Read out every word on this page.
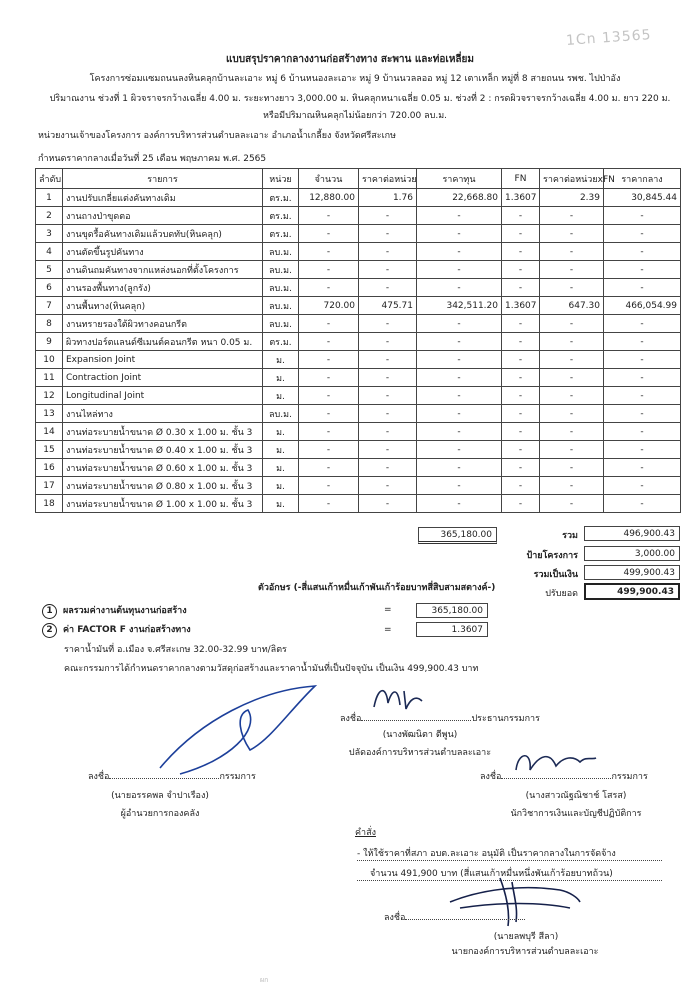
1Cn 13565
แบบสรุปราคากลางงานก่อสร้างทาง สะพาน และท่อเหลี่ยม
โครงการซ่อมแซมถนนลงหินคลุกบ้านละเอาะ หมู่ 6 บ้านหนองละเอาะ หมู่ 9 บ้านนวลลออ หมู่ 12 เตาเหล็ก หมู่ที่ 8 สายถนน รพช. ไปป่าอัง
ปริมาณงาน ช่วงที่ 1 ผิวจราจรกว้างเฉลี่ย 4.00 ม. ระยะทางยาว 3,000.00 ม. หินคลุกหนาเฉลี่ย 0.05 ม. ช่วงที่ 2 : กรดผิวจราจรกว้างเฉลี่ย 4.00 ม. ยาว 220 ม.
หรือมีปริมาณหินคลุกไม่น้อยกว่า 720.00 ลบ.ม.
หน่วยงานเจ้าของโครงการ องค์การบริหารส่วนตำบลละเอาะ อำเภอน้ำเกลี้ยง จังหวัดศรีสะเกษ
กำหนดราคากลางเมื่อวันที่ 25 เดือน พฤษภาคม พ.ศ. 2565
ลำดับ	รายการ	หน่วย	จำนวน	ราคาต่อหน่วย	ราคาทุน	FN	ราคาต่อหน่วยxFN	ราคากลาง
1	งานปรับเกลี่ยแต่งคันทางเดิม	ตร.ม.	12,880.00	1.76	22,668.80	1.3607	2.39	30,845.44
2	งานถางป่าขุดตอ	ตร.ม.	-	-	-	-	-	-
3	งานขุดรื้อคันทางเดิมแล้วบดทับ(หินคลุก)	ตร.ม.	-	-	-	-	-	-
4	งานตัดขึ้นรูปคันทาง	ลบ.ม.	-	-	-	-	-	-
5	งานดินถมคันทางจากแหล่งนอกที่ตั้งโครงการ	ลบ.ม.	-	-	-	-	-	-
6	งานรองพื้นทาง(ลูกรัง)	ลบ.ม.	-	-	-	-	-	-
7	งานพื้นทาง(หินคลุก)	ลบ.ม.	720.00	475.71	342,511.20	1.3607	647.30	466,054.99
8	งานทรายรองใต้ผิวทางคอนกรีต	ลบ.ม.	-	-	-	-	-	-
9	ผิวทางปอร์ตแลนด์ซีเมนต์คอนกรีต หนา 0.05 ม.	ตร.ม.	-	-	-	-	-	-
10	Expansion Joint	ม.	-	-	-	-	-	-
11	Contraction Joint	ม.	-	-	-	-	-	-
12	Longitudinal Joint	ม.	-	-	-	-	-	-
13	งานไหล่ทาง	ลบ.ม.	-	-	-	-	-	-
14	งานท่อระบายน้ำขนาด Ø 0.30 x 1.00 ม. ชั้น 3	ม.	-	-	-	-	-	-
15	งานท่อระบายน้ำขนาด Ø 0.40 x 1.00 ม. ชั้น 3	ม.	-	-	-	-	-	-
16	งานท่อระบายน้ำขนาด Ø 0.60 x 1.00 ม. ชั้น 3	ม.	-	-	-	-	-	-
17	งานท่อระบายน้ำขนาด Ø 0.80 x 1.00 ม. ชั้น 3	ม.	-	-	-	-	-	-
18	งานท่อระบายน้ำขนาด Ø 1.00 x 1.00 ม. ชั้น 3	ม.	-	-	-	-	-	-
365,180.00	รวม	496,900.43
ป้ายโครงการ	3,000.00
รวมเป็นเงิน	499,900.43
ปรับยอด	499,900.43
ตัวอักษร (-สี่แสนเก้าหมื่นเก้าพันเก้าร้อยบาทสี่สิบสามสตางค์-)
1 ผลรวมค่างานต้นทุนงานก่อสร้าง	=	365,180.00
2 ค่า FACTOR F งานก่อสร้างทาง	=	1.3607
ราคาน้ำมันที่ อ.เมือง จ.ศรีสะเกษ 32.00-32.99 บาท/ลิตร
คณะกรรมการได้กำหนดราคากลางตามวัสดุก่อสร้างและราคาน้ำมันที่เป็นปัจจุบัน เป็นเงิน 499,900.43 บาท
ลงชื่อ	ประธานกรรมการ
(นางพัฒนิตา ตีพูน)
ปลัดองค์การบริหารส่วนตำบลละเอาะ
ลงชื่อ	กรรมการ
(นายอรรคพล จำปาเรือง)
ผู้อำนวยการกองคลัง
ลงชื่อ	กรรมการ
(นางสาวณัฐณิชาช์ โสรส)
นักวิชาการเงินและบัญชีปฏิบัติการ
คำสั่ง
- ให้ใช้ราคาที่สภา อบต.ละเอาะ อนุมัติ เป็นราคากลางในการจัดจ้าง
จำนวน 491,900 บาท (สี่แสนเก้าหมื่นหนึ่งพันเก้าร้อยบาทถ้วน)
ลงชื่อ
(นายลพบุรี สีลา)
นายกองค์การบริหารส่วนตำบลละเอาะ
ผก
